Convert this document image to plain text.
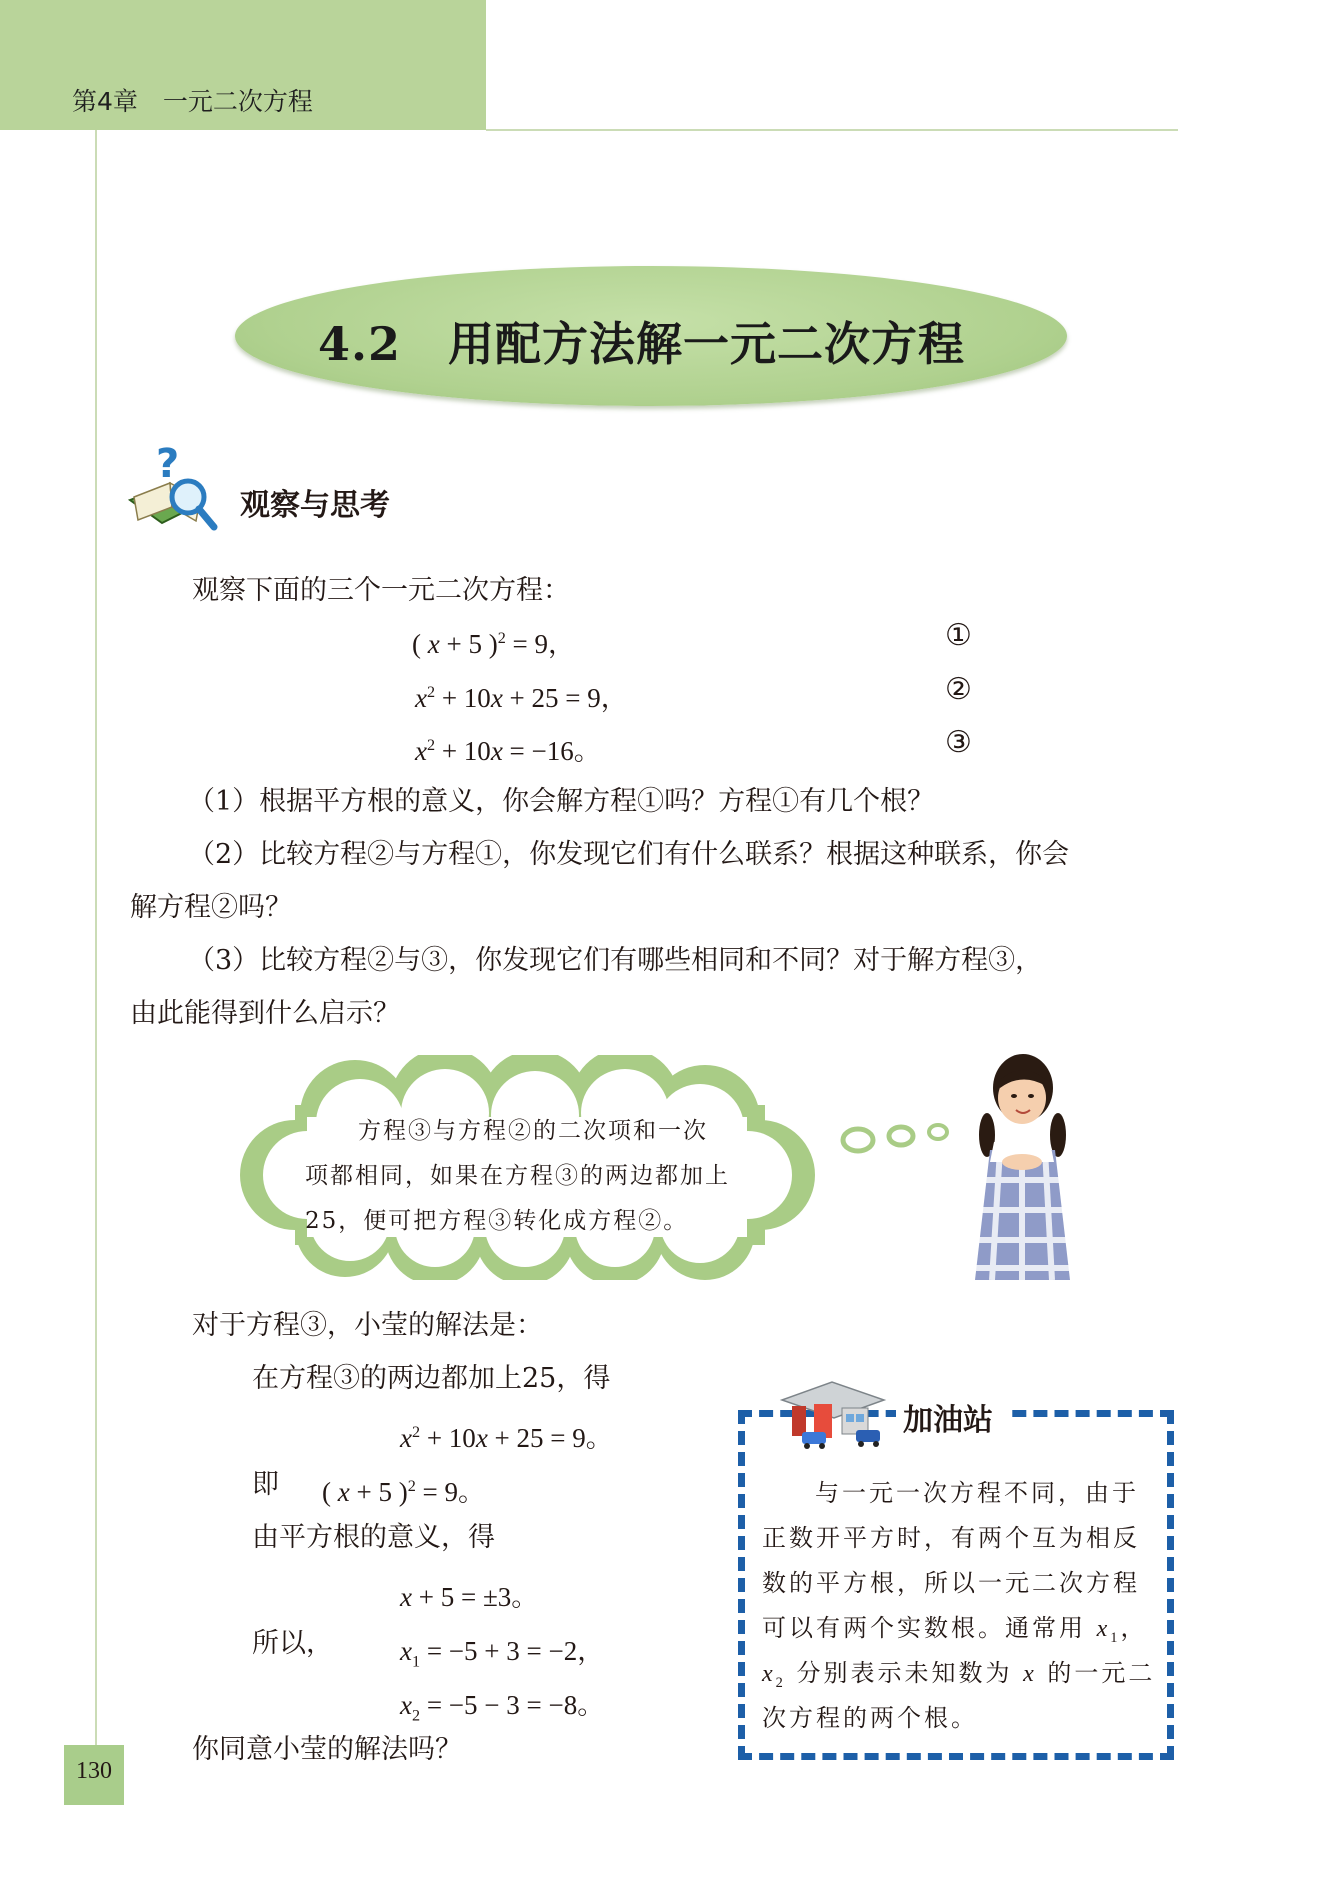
第4章　一元二次方程
4.2　用配方法解一元二次方程
?
观察与思考
观察下面的三个一元二次方程：
( x + 5 )$^2$ = 9，	①
$x^2 + 10x + 25 = 9$，	②
$x^2 + 10x = -16$。	③
（1）根据平方根的意义，你会解方程①吗？方程①有几个根？
（2）比较方程②与方程①，你发现它们有什么联系？根据这种联系，你会
解方程②吗？
（3）比较方程②与③，你发现它们有哪些相同和不同？对于解方程③，
由此能得到什么启示？
方程③与方程②的二次项和一次
项都相同，如果在方程③的两边都加上
25，便可把方程③转化成方程②。
对于方程③，小莹的解法是：
在方程③的两边都加上25，得
$x^2 + 10x + 25 = 9$。
即 ( x + 5 )$^2$ = 9。
由平方根的意义，得
x + 5 = ±3。
所以， $x_1 = -5 + 3 = -2$，
$x_2 = -5 - 3 = -8$。
你同意小莹的解法吗？
加油站
与一元一次方程不同，由于
正数开平方时，有两个互为相反
数的平方根，所以一元二次方程
可以有两个实数根。通常用 $x_1$，
$x_2$ 分别表示未知数为 x 的一元二
次方程的两个根。
130
